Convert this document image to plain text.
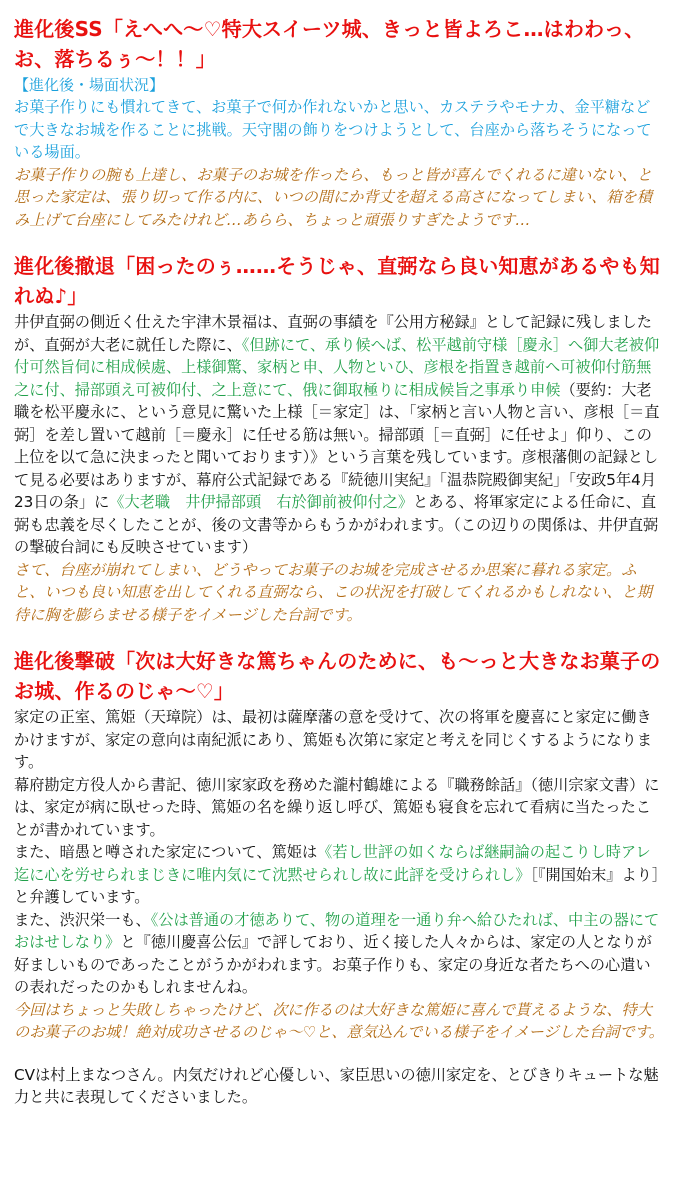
進化後SS「えへへ～♡特大スイーツ城、きっと皆よろこ…はわわっ、お、落ちるぅ～！！」
【進化後・場面状況】

お菓子作りにも慣れてきて、お菓子で何か作れないかと思い、カステラやモナカ、金平糖などで大きなお城を作ることに挑戦。天守閣の飾りをつけようとして、台座から落ちそうになっている場面。

お菓子作りの腕も上達し、お菓子のお城を作ったら、もっと皆が喜んでくれるに違いない、と思った家定は、張り切って作る内に、いつの間にか背丈を超える高さになってしまい、箱を積み上げて台座にしてみたけれど…あらら、ちょっと頑張りすぎたようです…

進化後撤退「困ったのぅ……そうじゃ、直弼なら良い知恵があるやも知れぬ♪」

井伊直弼の側近く仕えた宇津木景福は、直弼の事績を『公用方秘録』として記録に残しましたが、直弼が大老に就任した際に、《但跡にて、承り候へば、松平越前守様［慶永］へ御大老被仰付可然旨伺に相成候處、上様御驚、家柄と申、人物といひ、彦根を指置き越前へ可被仰付筋無之に付、掃部頭え可被仰付、之上意にて、俄に御取極りに相成候旨之事承り申候（要約：大老職を松平慶永に、という意見に驚いた上様［＝家定］は、「家柄と言い人物と言い、彦根［＝直弼］を差し置いて越前［＝慶永］に任せる筋は無い。掃部頭［＝直弼］に任せよ」仰り、この上位を以て急に決まったと聞いております）》という言葉を残しています。彦根藩側の記録として見る必要はありますが、幕府公式記録である『続徳川実紀』「温恭院殿御実紀」「安政5年4月23日の条」に《大老職　井伊掃部頭　右於御前被仰付之》とある、将軍家定による任命に、直弼も忠義を尽くしたことが、後の文書等からもうかがわれます。（この辺りの関係は、井伊直弼の撃破台詞にも反映させています）

さて、台座が崩れてしまい、どうやってお菓子のお城を完成させるか思案に暮れる家定。ふと、いつも良い知恵を出してくれる直弼なら、この状況を打破してくれるかもしれない、と期待に胸を膨らませる様子をイメージした台詞です。

進化後撃破「次は大好きな篤ちゃんのために、も～っと大きなお菓子のお城、作るのじゃ～♡」

家定の正室、篤姫（天璋院）は、最初は薩摩藩の意を受けて、次の将軍を慶喜にと家定に働きかけますが、家定の意向は南紀派にあり、篤姫も次第に家定と考えを同じくするようになります。

幕府勘定方役人から書記、徳川家家政を務めた瀧村鶴雄による『職務餘話』（徳川宗家文書）には、家定が病に臥せった時、篤姫の名を繰り返し呼び、篤姫も寝食を忘れて看病に当たったことが書かれています。

また、暗愚と噂された家定について、篤姫は《若し世評の如くならば継嗣論の起こりし時アレ迄に心を労せられまじきに唯内気にて沈黙せられし故に此評を受けられし》［『開国始末』より］と弁護しています。

また、渋沢栄一も、《公は普通の才徳ありて、物の道理を一通り弁へ給ひたれば、中主の器にておはせしなり》と『徳川慶喜公伝』で評しており、近く接した人々からは、家定の人となりが好ましいものであったことがうかがわれます。お菓子作りも、家定の身近な者たちへの心遣いの表れだったのかもしれませんね。

今回はちょっと失敗しちゃったけど、次に作るのは大好きな篤姫に喜んで貰えるような、特大のお菓子のお城！絶対成功させるのじゃ～♡と、意気込んでいる様子をイメージした台詞です。

CVは村上まなつさん。内気だけれど心優しい、家臣思いの徳川家定を、とびきりキュートな魅力と共に表現してくださいました。
